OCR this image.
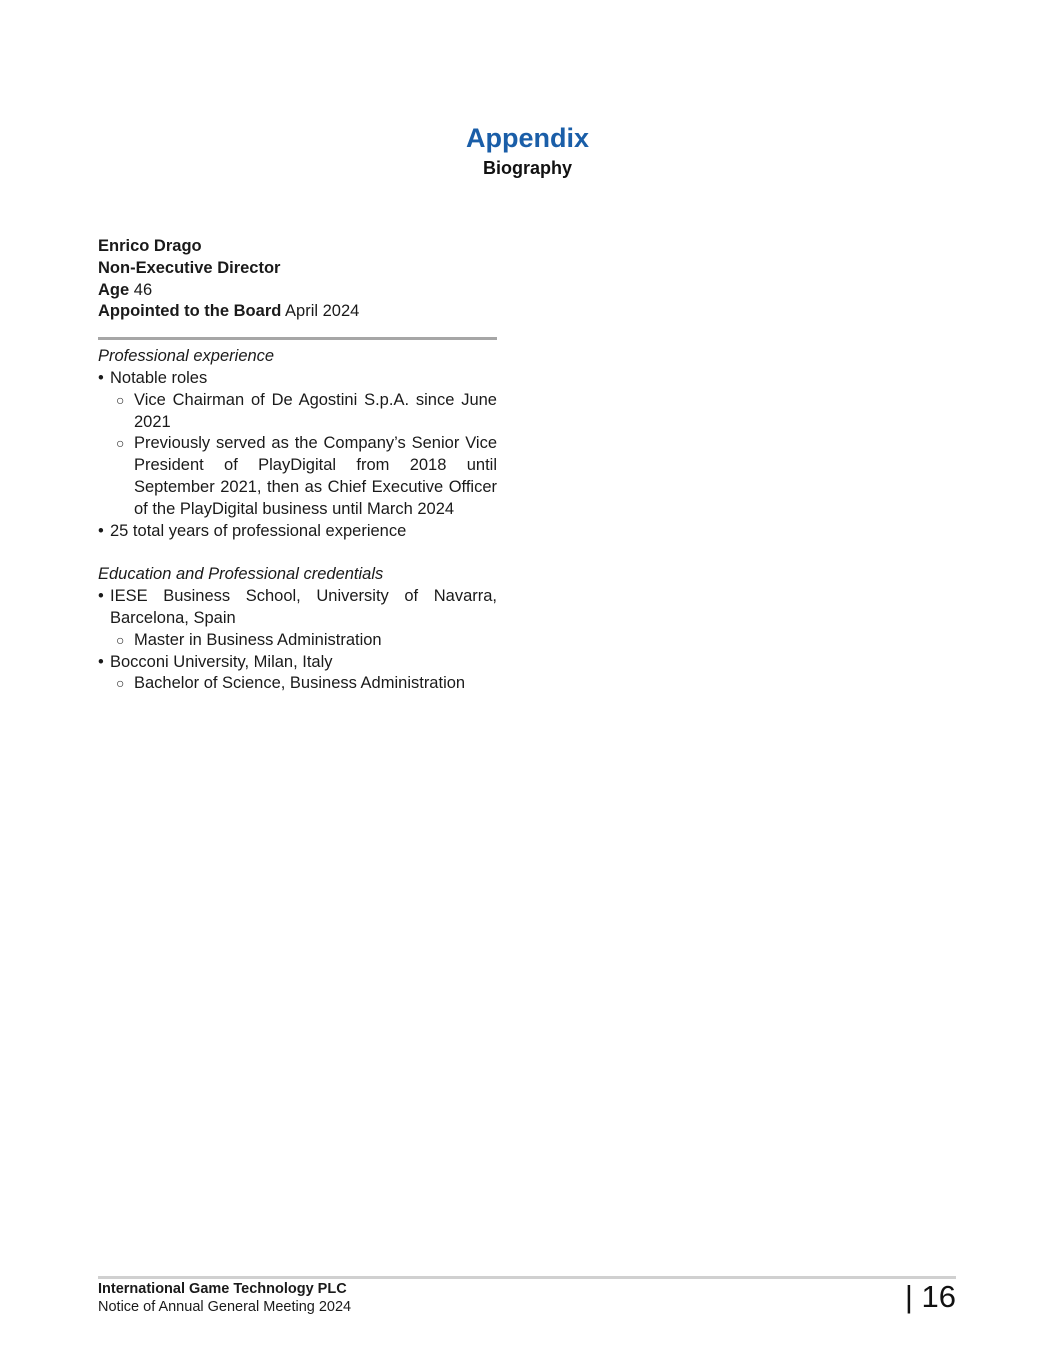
Appendix
Biography
Enrico Drago
Non-Executive Director
Age 46
Appointed to the Board April 2024
Professional experience
• Notable roles
○ Vice Chairman of De Agostini S.p.A. since June 2021
○ Previously served as the Company’s Senior Vice President of PlayDigital from 2018 until September 2021, then as Chief Executive Officer of the PlayDigital business until March 2024
• 25 total years of professional experience
Education and Professional credentials
• IESE Business School, University of Navarra, Barcelona, Spain
○ Master in Business Administration
• Bocconi University, Milan, Italy
○ Bachelor of Science, Business Administration
International Game Technology PLC
Notice of Annual General Meeting 2024	| 16
